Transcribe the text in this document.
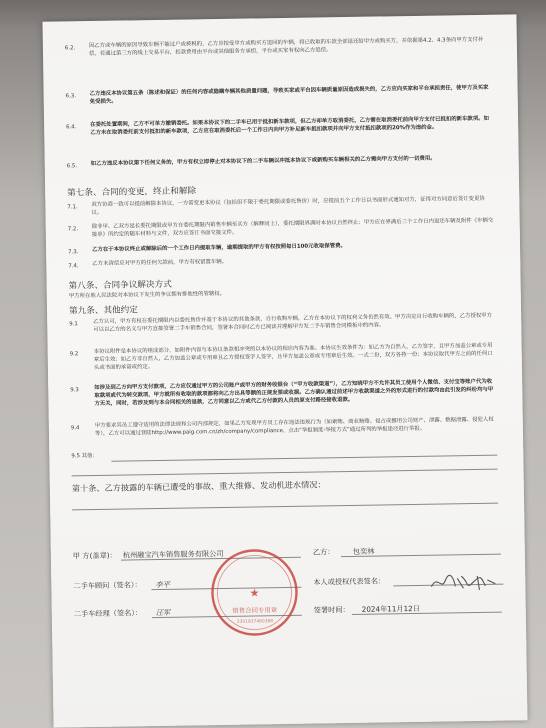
6.2.	因乙方或车辆的原因导致车辆不能过户或被税的，乙方应按受甲方或购买方退回的车辆，将已收取的车款全部退还给甲方或购买方，并依据第4.2、4.3条向甲方支付补偿。若通过第三方的线上交易平台，扣款费用由平台或其他服务方承担，平台或买家有权向乙方追偿。
6.3.	乙方违反本协议第五条（陈述和保证）的任何内容或隐瞒车辆其他质量问题，导致买家或平台因车辆质量原因造成损失的，乙方应向买家和平台承担责任，使甲方及买家免受损失。
6.4.	在委托处置期间，乙方不可单方撤销委托。如果本协议下的二手车已用于抵扣新车款项，但乙方却单方取消委托，乙方需在取消委托前向甲方支付已抵扣的新车款项。如乙方未在取消委托前支付抵扣的新车款项，乙方应在取消委托后一个工作日内向甲方补足新车抵扣款项并向甲方支付抵扣款项的20%作为违约金。
6.5.	如乙方违反本协议第下任何义务的，甲方有权立即停止对本协议下的二手车辆以冲抵本协议下或新购买车辆相关的乙方需向甲方支付的一切费用。
第七条、合同的变更，终止和解除
7.1.	双方协商一致可以提前解除本协议，一方需变更本协议（包括但不限于委托期限或委托售价）时，应提前五个工作日以书面形式通知对方，征得对方同意后签订变更协议。
7.2.	除非甲、乙双方延长委托期限或甲方在委托期限内销售车辆至买方（解释同上），委托期限界满时本协议自然终止；甲方应在界满后三个工作日内退还车辆及附件《车辆交接单》所约定的随车材料与文件，双方应签订书面交接文件。
7.3.	乙方在于本协议终止或解除后的一个工作日内提取车辆，逾期提取的甲方有权按照每日100元收取保管费。
7.4.	乙方未清偿应对甲方的任何欠款前，甲方有权留置车辆。
第八条、合同争议解决方式
甲方所在地人民法院对本协议下发生的争议拥有排他性的管辖权。
第九条、其他约定
9.1	乙方认可，甲方有权在委托期限内以委托售价并基于本协议的其他条款，自行收购车辆，乙方在本协议下的权利义务仍然有效。甲方决定自行收购车辆的，乙方授权甲方可以以乙方的名义与甲方直接签署二手车销售合同，签署本合同时乙方已阅读并理解甲方发二手车销售合同模板中的内容。
9.2	本协议附件是本协议的组成部分，如附件内容与本协议条款相冲突的以本协议的相应内容为准。本协议生效条件为：如乙方为自然人，乙方签字，且甲方加盖公章或专用章后生效；如乙方非自然人，乙方加盖公章或专用章且乙方授权签字人签字，且甲方加盖公章或专用章后生效。一式二份，双方各持一份；本协议取代甲方之前的任何口头或书面的承诺或约定。
9.3	如涉及到乙方向甲方支付款项，乙方应仅通过甲方的公司账户或甲方的财务收银台（“甲方收款渠道”），乙方知晓甲方不允许其员工使用个人微信、支付宝等账户代为收取款项或代为转交款项，甲方就所有收取的款项都将向乙方出具等额的正规发票或收据。乙方确认通过前述甲方收款渠道之外的形式进行的付款均由此引发的纠纷均与甲方无关，同时，若涉及到与本合同相关的退款，乙方同意以乙方或代乙方付款的人员的原支付路径接收退款。
9.4	甲方要求其员工遵守适用的法律法规和公司内部规定，如果乙方发现甲方员工存在违法违规行为（如索贿、商业贿赂、侵占或挪用公司财产、泄露、数据泄露、侵犯人权等），乙方可以通过登陆http://www.paig.com.cn/zh/company/compliance，点击“举报制度-举报方式”通过所列的举报途径进行举报。
9.5 其他：
第十条、乙方披露的车辆已遭受的事故、重大维修、发动机进水情况：
甲 方(盖章)： 杭州融宝汽车销售服务有限公司	乙方：	包奕林
二手车顾问（签名）： 李平	本人或授权代表签名：
二手车经理（签名）： 汪军	签署时间： 2024年11月12日
★
销售合同专用章
3301837460388
